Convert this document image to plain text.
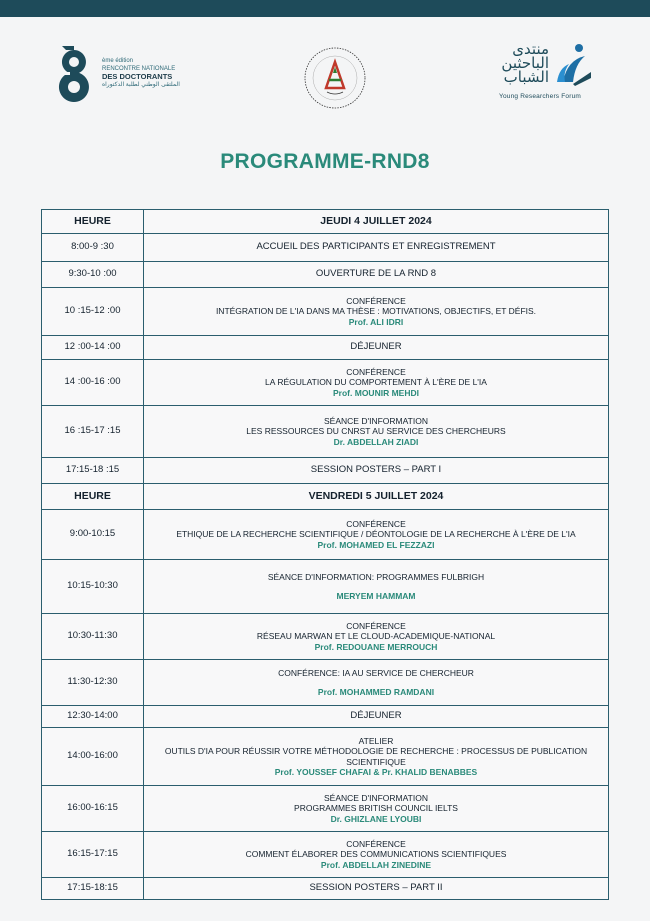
ème édition
RENCONTRE NATIONALE
DES DOCTORANTS
الملتقى الوطني لطلبة الدكتوراه
منتدى
الباحثين
الشباب
Young Researchers Forum
PROGRAMME-RND8
HEURE	JEUDI 4 JUILLET 2024
8:00-9 :30	ACCUEIL DES PARTICIPANTS ET ENREGISTREMENT
9:30-10 :00	OUVERTURE DE LA RND 8
10 :15-12 :00	CONFÉRENCE
INTÉGRATION DE L'IA DANS MA THÈSE : MOTIVATIONS, OBJECTIFS, ET DÉFIS.
Prof. ALI IDRI

12 :00-14 :00	DÉJEUNER
14 :00-16 :00	CONFÉRENCE
LA RÉGULATION DU COMPORTEMENT À L'ÈRE DE L'IA
Prof. MOUNIR MEHDI

16 :15-17 :15	SÉANCE D'INFORMATION
LES RESSOURCES DU CNRST AU SERVICE DES CHERCHEURS
Dr. ABDELLAH ZIADI

17:15-18 :15	SESSION POSTERS – PART I
HEURE	VENDREDI 5 JUILLET 2024
9:00-10:15	CONFÉRENCE
ETHIQUE DE LA RECHERCHE SCIENTIFIQUE / DÉONTOLOGIE DE LA RECHERCHE À L'ÈRE DE L'IA
Prof. MOHAMED EL FEZZAZI

10:15-10:30	SÉANCE D'INFORMATION: PROGRAMMES FULBRIGH
MERYEM HAMMAM

10:30-11:30	CONFÉRENCE
RÉSEAU MARWAN ET LE CLOUD-ACADEMIQUE-NATIONAL
Prof. REDOUANE MERROUCH

11:30-12:30	CONFÉRENCE: IA AU SERVICE DE CHERCHEUR
Prof. MOHAMMED RAMDANI

12:30-14:00	DÉJEUNER
14:00-16:00	ATELIER
OUTILS D'IA POUR RÉUSSIR VOTRE MÉTHODOLOGIE DE RECHERCHE : PROCESSUS DE PUBLICATION SCIENTIFIQUE
Prof. YOUSSEF CHAFAI & Pr. KHALID BENABBES

16:00-16:15	SÉANCE D'INFORMATION
PROGRAMMES BRITISH COUNCIL IELTS
Dr. GHIZLANE LYOUBI

16:15-17:15	CONFÉRENCE
COMMENT ÉLABORER DES COMMUNICATIONS SCIENTIFIQUES
Prof. ABDELLAH ZINEDINE

17:15-18:15	SESSION POSTERS – PART II
